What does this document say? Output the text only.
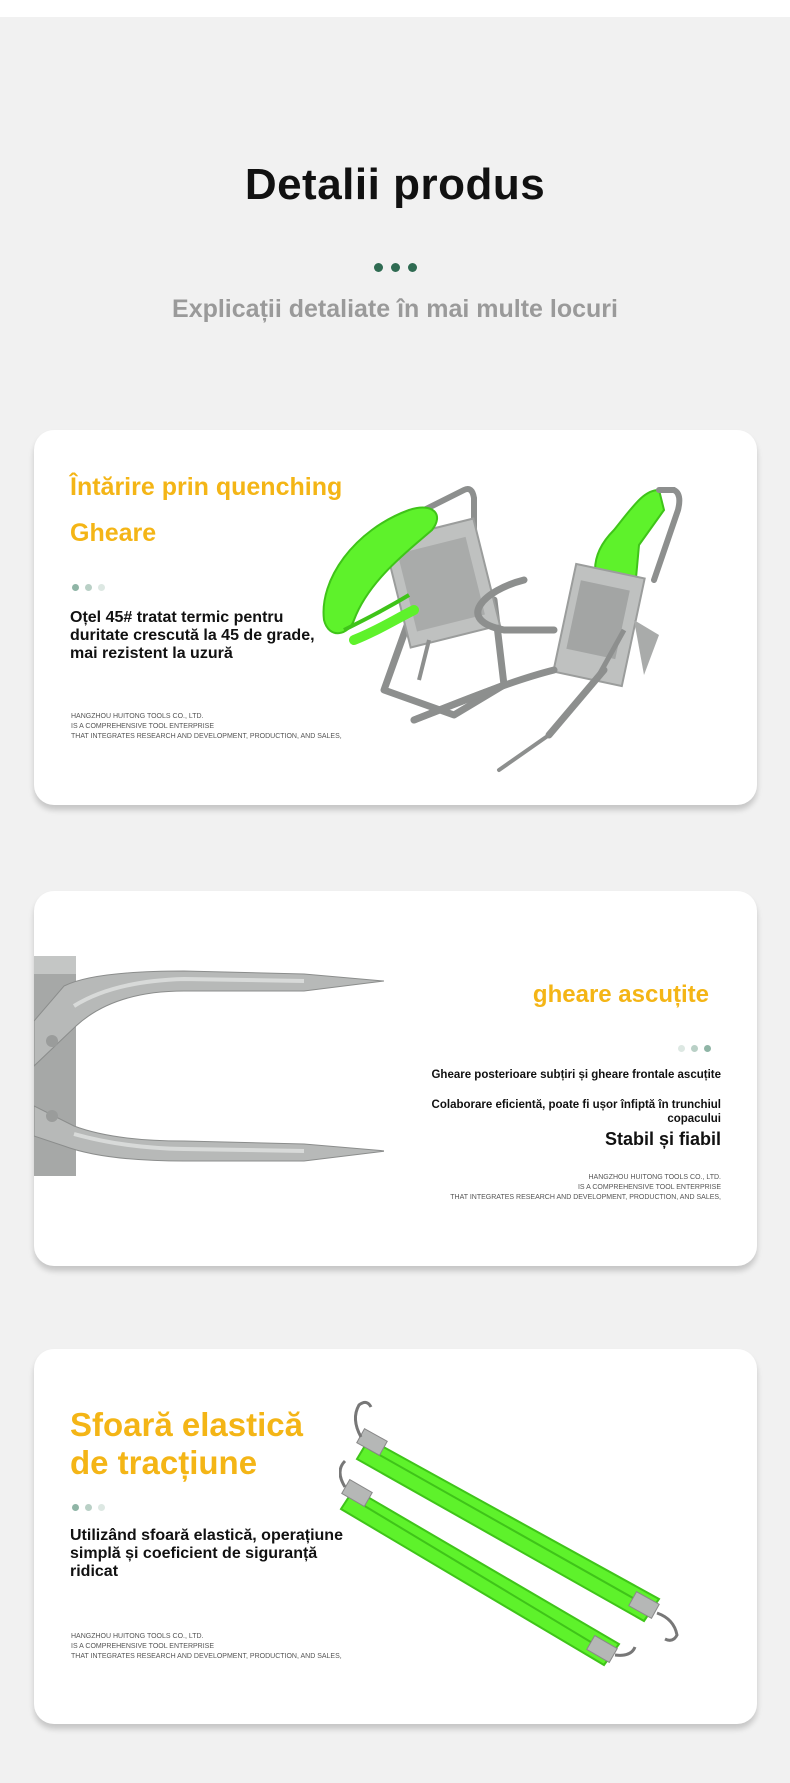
Detalii produs
Explicații detaliate în mai multe locuri
Întărire prin quenching
Gheare

Oțel 45# tratat termic pentru duritate crescută la 45 de grade, mai rezistent la uzură

HANGZHOU HUITONG TOOLS CO., LTD.
IS A COMPREHENSIVE TOOL ENTERPRISE
THAT INTEGRATES RESEARCH AND DEVELOPMENT, PRODUCTION, AND SALES,
gheare ascuțite

Gheare posterioare subțiri și gheare frontale ascuțite

Colaborare eficientă, poate fi ușor înfiptă în trunchiul copacului

Stabil și fiabil

HANGZHOU HUITONG TOOLS CO., LTD.
IS A COMPREHENSIVE TOOL ENTERPRISE
THAT INTEGRATES RESEARCH AND DEVELOPMENT, PRODUCTION, AND SALES,
Sfoară elastică
de tracțiune

Utilizând sfoară elastică, operațiune simplă și coeficient de siguranță ridicat

HANGZHOU HUITONG TOOLS CO., LTD.
IS A COMPREHENSIVE TOOL ENTERPRISE
THAT INTEGRATES RESEARCH AND DEVELOPMENT, PRODUCTION, AND SALES,
